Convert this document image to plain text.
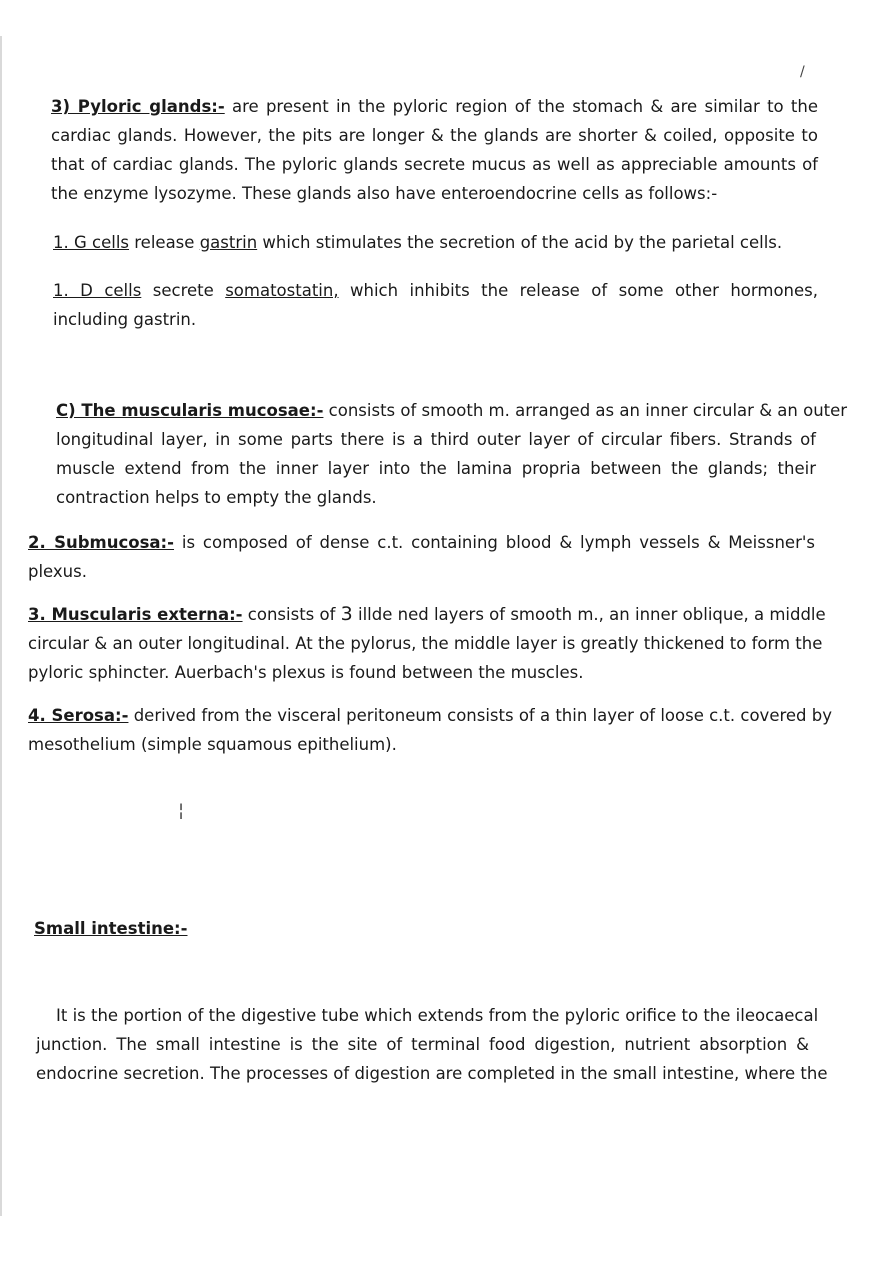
/
3) Pyloric glands:- are present in the pyloric region of the stomach & are similar to the
cardiac glands. However, the pits are longer & the glands are shorter & coiled, opposite to
that of cardiac glands. The pyloric glands secrete mucus as well as appreciable amounts of
the enzyme lysozyme. These glands also have enteroendocrine cells as follows:-
1. G cells release gastrin which stimulates the secretion of the acid by the parietal cells.
1. D cells secrete somatostatin, which inhibits the release of some other hormones,
including gastrin.
C) The muscularis mucosae:- consists of smooth m. arranged as an inner circular & an outer
longitudinal layer, in some parts there is a third outer layer of circular fibers. Strands of
muscle extend from the inner layer into the lamina propria between the glands; their
contraction helps to empty the glands.
2. Submucosa:- is composed of dense c.t. containing blood & lymph vessels & Meissner's
plexus.
3. Muscularis externa:- consists of 3 illde ned layers of smooth m., an inner oblique, a middle
circular & an outer longitudinal. At the pylorus, the middle layer is greatly thickened to form the
pyloric sphincter. Auerbach's plexus is found between the muscles.
4. Serosa:- derived from the visceral peritoneum consists of a thin layer of loose c.t. covered by
mesothelium (simple squamous epithelium).
¦
Small intestine:-
It is the portion of the digestive tube which extends from the pyloric orifice to the ileocaecal
junction. The small intestine is the site of terminal food digestion, nutrient absorption &
endocrine secretion. The processes of digestion are completed in the small intestine, where the
